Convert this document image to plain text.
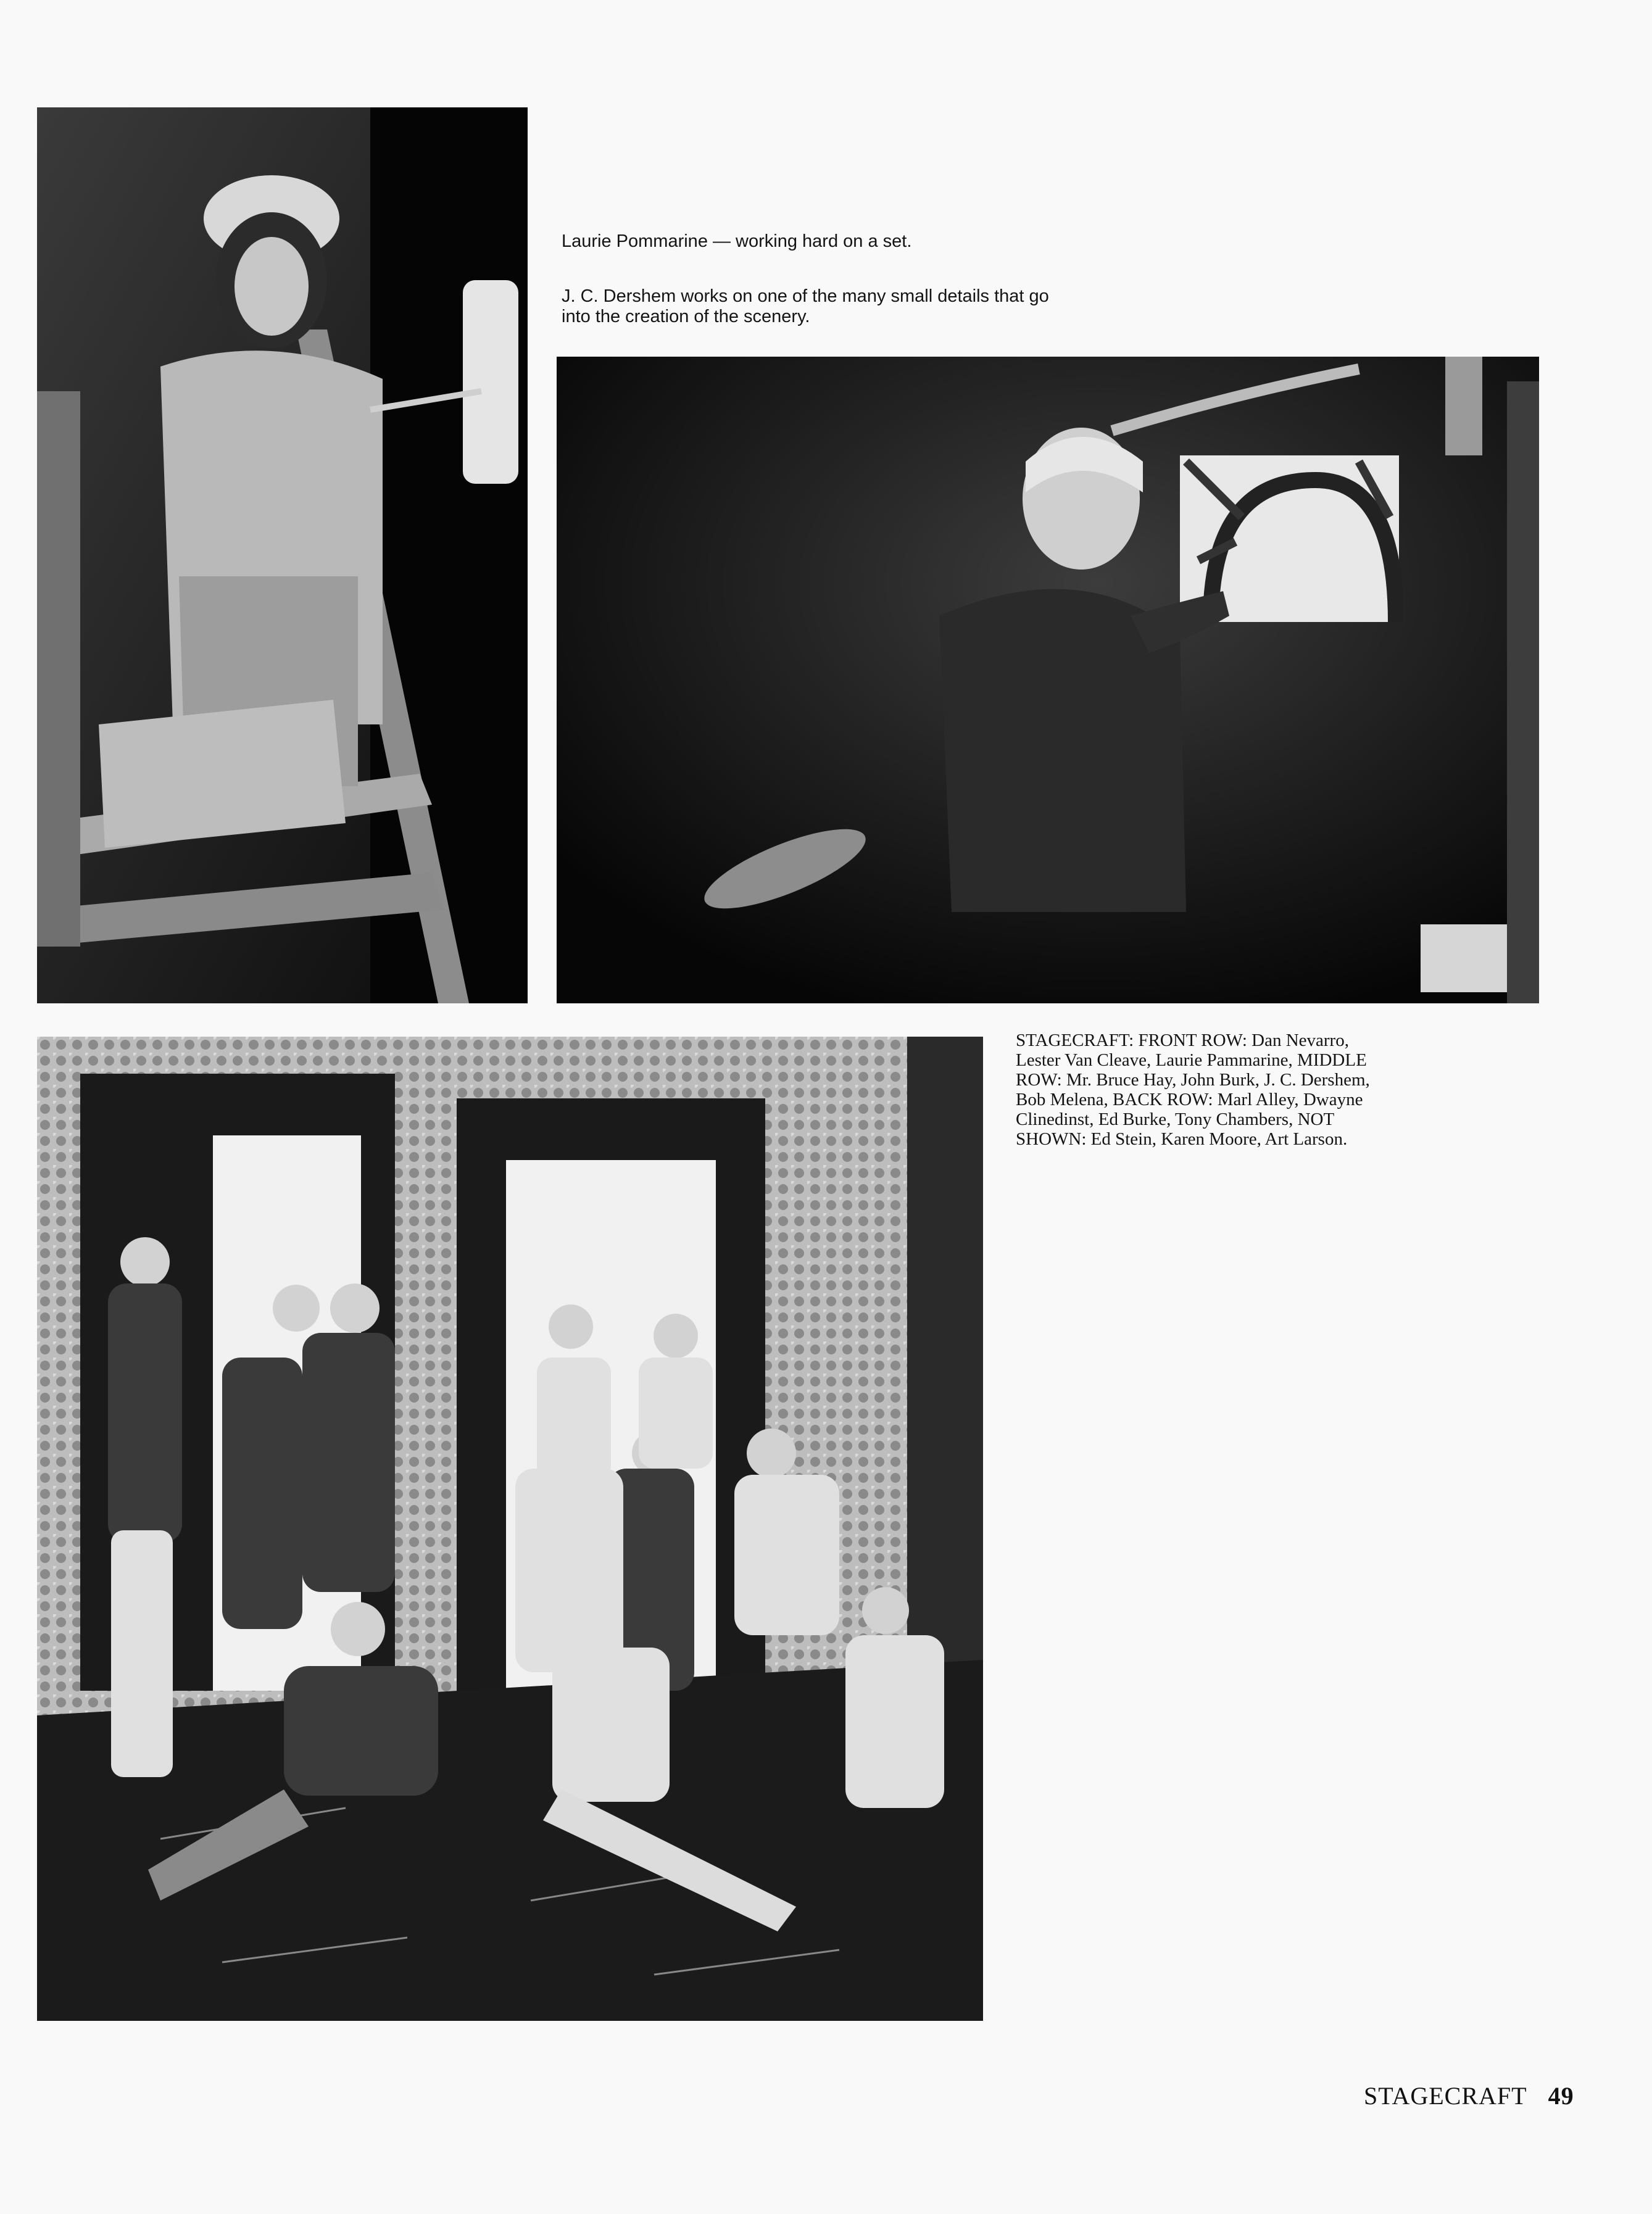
Laurie Pommarine — working hard on a set.

J. C. Dershem works on one of the many small details that go into the creation of the scenery.

STAGECRAFT: FRONT ROW: Dan Nevarro, Lester Van Cleave, Laurie Pammarine, MIDDLE ROW: Mr. Bruce Hay, John Burk, J. C. Dershem, Bob Melena, BACK ROW: Marl Alley, Dwayne Clinedinst, Ed Burke, Tony Chambers, NOT SHOWN: Ed Stein, Karen Moore, Art Larson.

STAGECRAFT 49
